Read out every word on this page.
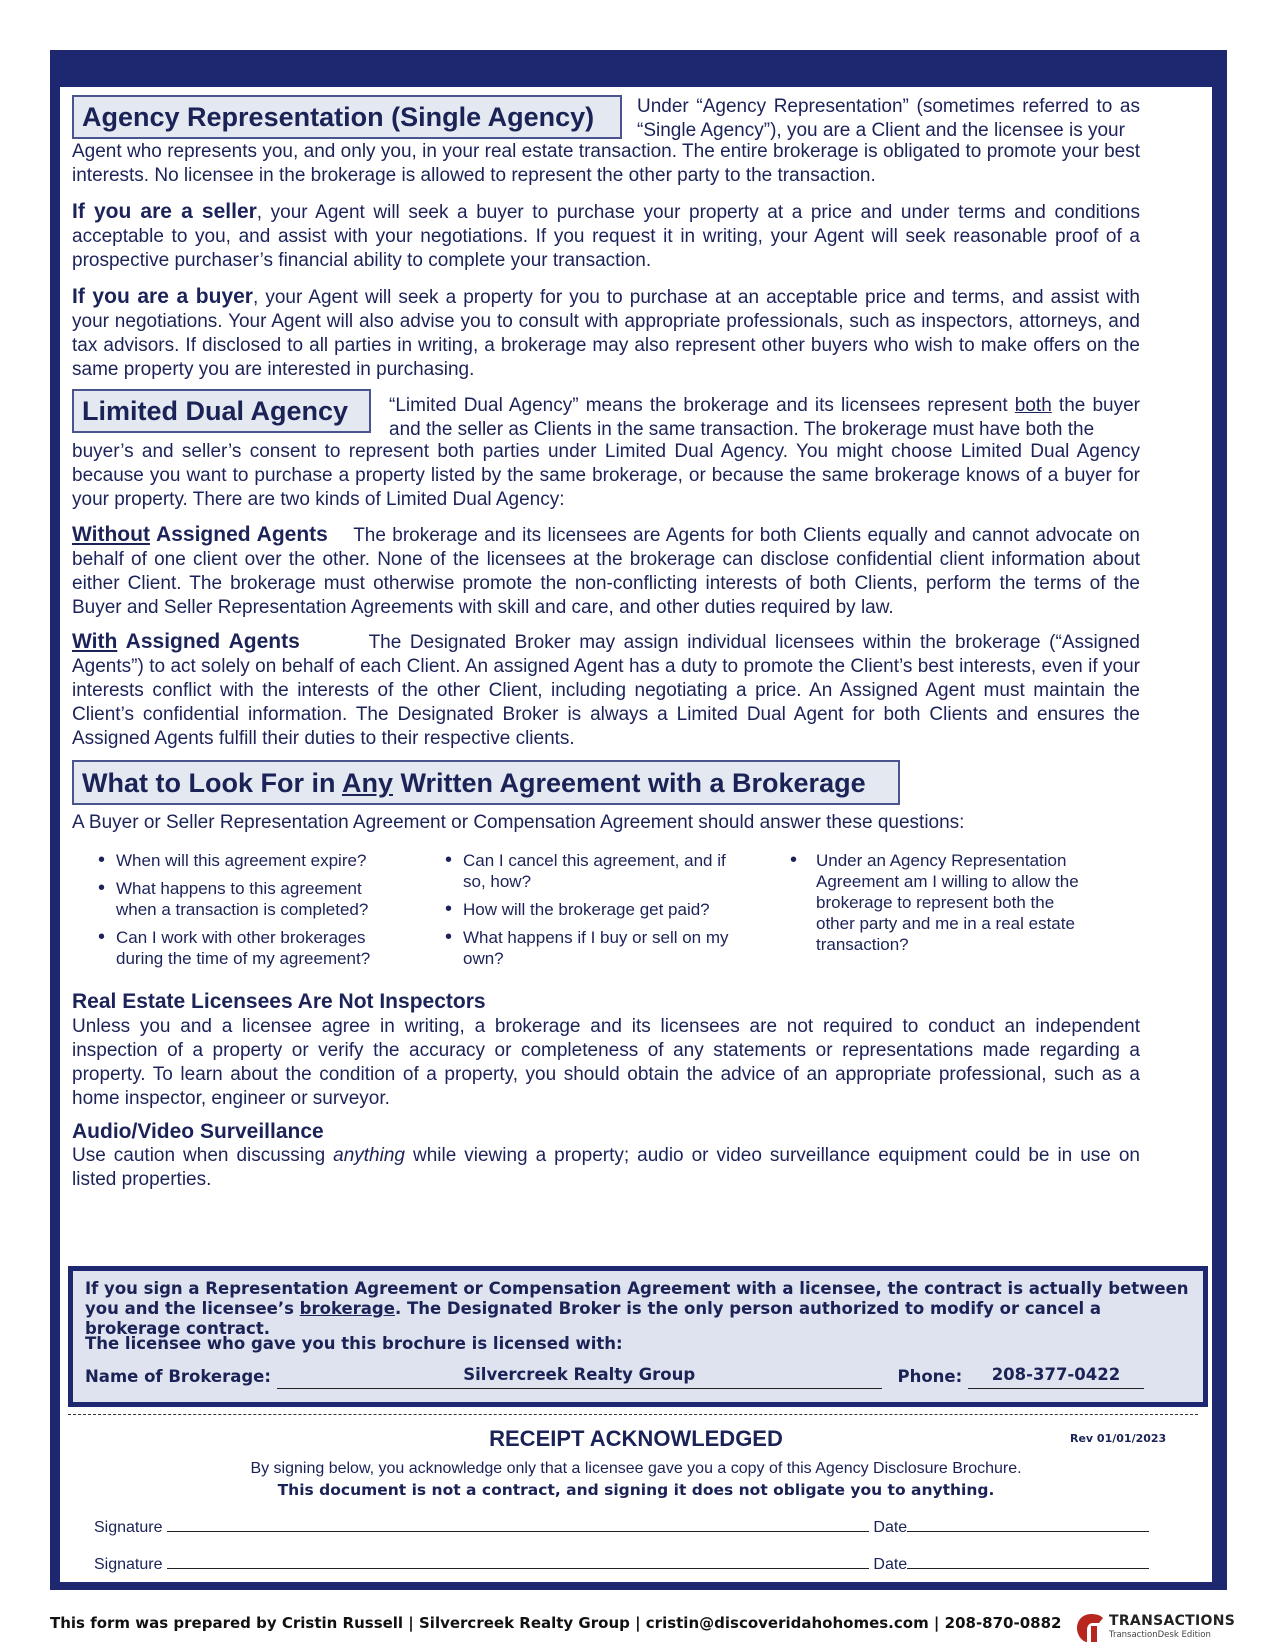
Agency Representation (Single Agency)	Under “Agency Representation” (sometimes referred to as “Single Agency”), you are a Client and the licensee is your
Agent who represents you, and only you, in your real estate transaction. The entire brokerage is obligated to promote your best interests. No licensee in the brokerage is allowed to represent the other party to the transaction.
If you are a seller, your Agent will seek a buyer to purchase your property at a price and under terms and conditions acceptable to you, and assist with your negotiations. If you request it in writing, your Agent will seek reasonable proof of a prospective purchaser’s financial ability to complete your transaction.
If you are a buyer, your Agent will seek a property for you to purchase at an acceptable price and terms, and assist with your negotiations. Your Agent will also advise you to consult with appropriate professionals, such as inspectors, attorneys, and tax advisors. If disclosed to all parties in writing, a brokerage may also represent other buyers who wish to make offers on the same property you are interested in purchasing.
Limited Dual Agency	“Limited Dual Agency” means the brokerage and its licensees represent both the buyer and the seller as Clients in the same transaction. The brokerage must have both the
buyer’s and seller’s consent to represent both parties under Limited Dual Agency. You might choose Limited Dual Agency because you want to purchase a property listed by the same brokerage, or because the same brokerage knows of a buyer for your property. There are two kinds of Limited Dual Agency:
Without Assigned Agents The brokerage and its licensees are Agents for both Clients equally and cannot advocate on behalf of one client over the other. None of the licensees at the brokerage can disclose confidential client information about either Client. The brokerage must otherwise promote the non-conflicting interests of both Clients, perform the terms of the Buyer and Seller Representation Agreements with skill and care, and other duties required by law.
With Assigned Agents	The Designated Broker may assign individual licensees within the brokerage (“Assigned Agents”) to act solely on behalf of each Client. An assigned Agent has a duty to promote the Client’s best interests, even if your interests conflict with the interests of the other Client, including negotiating a price. An Assigned Agent must maintain the Client’s confidential information. The Designated Broker is always a Limited Dual Agent for both Clients and ensures the Assigned Agents fulfill their duties to their respective clients.
What to Look For in Any Written Agreement with a Brokerage
A Buyer or Seller Representation Agreement or Compensation Agreement should answer these questions:
• When will this agreement expire?
• What happens to this agreement when a transaction is completed?
• Can I work with other brokerages during the time of my agreement?
• Can I cancel this agreement, and if so, how?
• How will the brokerage get paid?
• What happens if I buy or sell on my own?
• Under an Agency Representation Agreement am I willing to allow the brokerage to represent both the other party and me in a real estate transaction?
Real Estate Licensees Are Not Inspectors
Unless you and a licensee agree in writing, a brokerage and its licensees are not required to conduct an independent inspection of a property or verify the accuracy or completeness of any statements or representations made regarding a property. To learn about the condition of a property, you should obtain the advice of an appropriate professional, such as a home inspector, engineer or surveyor.
Audio/Video Surveillance
Use caution when discussing anything while viewing a property; audio or video surveillance equipment could be in use on listed properties.
If you sign a Representation Agreement or Compensation Agreement with a licensee, the contract is actually between you and the licensee’s brokerage. The Designated Broker is the only person authorized to modify or cancel a brokerage contract.
The licensee who gave you this brochure is licensed with:
Name of Brokerage:	Silvercreek Realty Group	Phone: 208-377-0422
RECEIPT ACKNOWLEDGED	Rev 01/01/2023
By signing below, you acknowledge only that a licensee gave you a copy of this Agency Disclosure Brochure.
This document is not a contract, and signing it does not obligate you to anything.
Signature	Date
Signature	Date
This form was prepared by Cristin Russell | Silvercreek Realty Group | cristin@discoveridahohomes.com | 208-870-0882	TRANSACTIONS
TransactionDesk Edition
